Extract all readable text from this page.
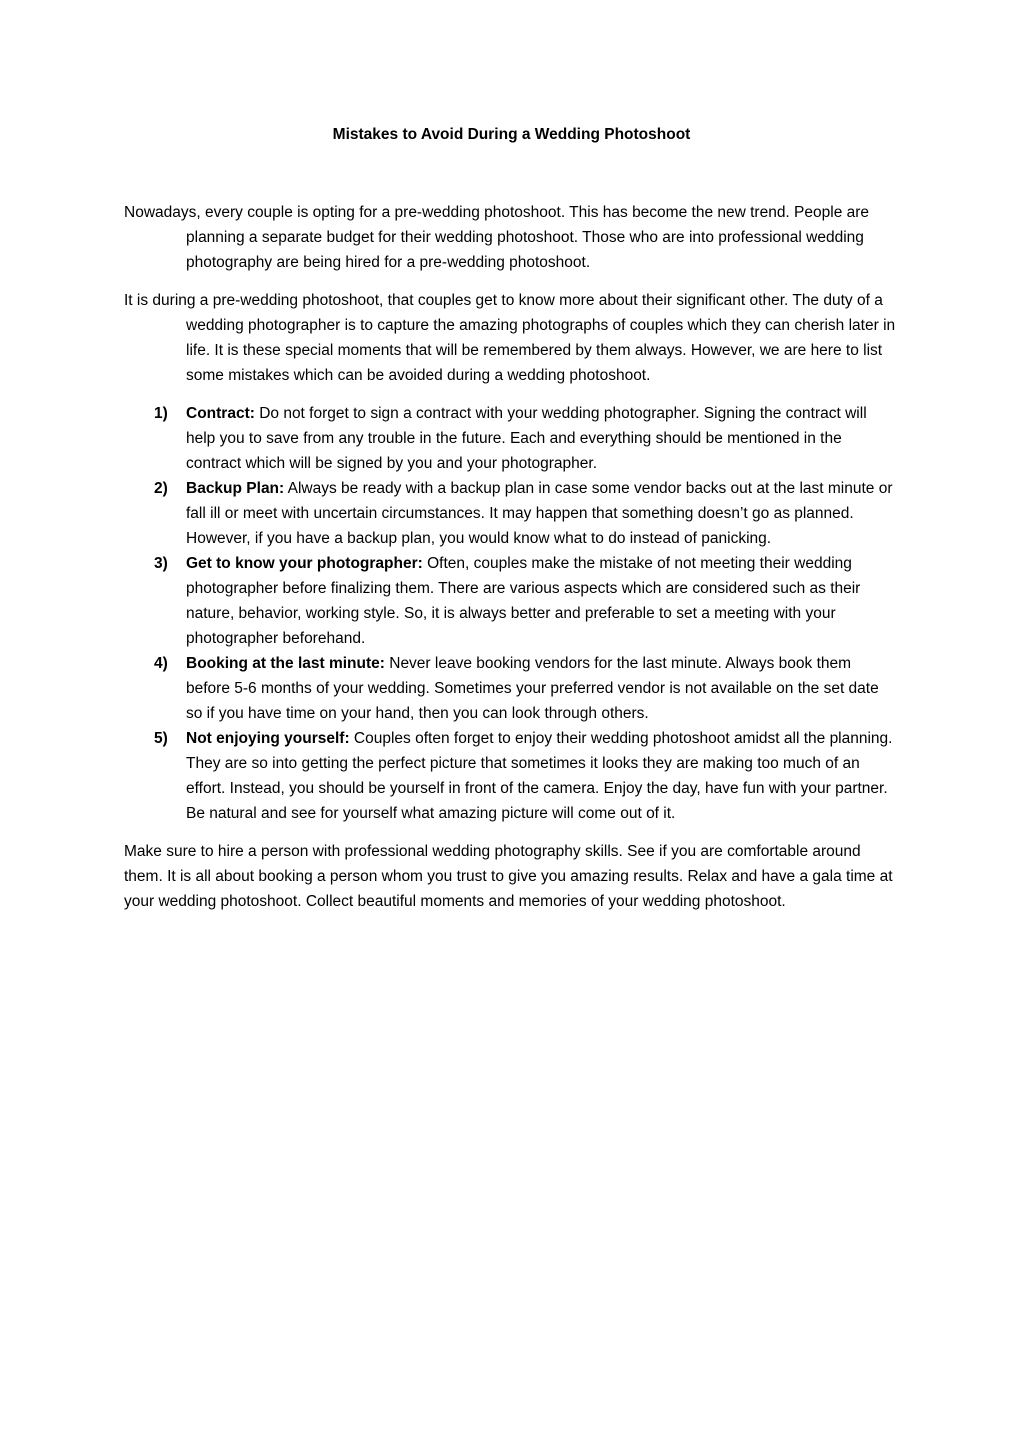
Mistakes to Avoid During a Wedding Photoshoot

Nowadays, every couple is opting for a pre-wedding photoshoot. This has become the new trend. People are planning a separate budget for their wedding photoshoot. Those who are into professional wedding photography are being hired for a pre-wedding photoshoot.

It is during a pre-wedding photoshoot, that couples get to know more about their significant other. The duty of a wedding photographer is to capture the amazing photographs of couples which they can cherish later in life. It is these special moments that will be remembered by them always. However, we are here to list some mistakes which can be avoided during a wedding photoshoot.

1) Contract: Do not forget to sign a contract with your wedding photographer. Signing the contract will help you to save from any trouble in the future. Each and everything should be mentioned in the contract which will be signed by you and your photographer.
2) Backup Plan: Always be ready with a backup plan in case some vendor backs out at the last minute or fall ill or meet with uncertain circumstances. It may happen that something doesn’t go as planned. However, if you have a backup plan, you would know what to do instead of panicking.
3) Get to know your photographer: Often, couples make the mistake of not meeting their wedding photographer before finalizing them. There are various aspects which are considered such as their nature, behavior, working style. So, it is always better and preferable to set a meeting with your photographer beforehand.
4) Booking at the last minute: Never leave booking vendors for the last minute. Always book them before 5-6 months of your wedding. Sometimes your preferred vendor is not available on the set date so if you have time on your hand, then you can look through others.
5) Not enjoying yourself: Couples often forget to enjoy their wedding photoshoot amidst all the planning. They are so into getting the perfect picture that sometimes it looks they are making too much of an effort. Instead, you should be yourself in front of the camera. Enjoy the day, have fun with your partner. Be natural and see for yourself what amazing picture will come out of it.

Make sure to hire a person with professional wedding photography skills. See if you are comfortable around them. It is all about booking a person whom you trust to give you amazing results. Relax and have a gala time at your wedding photoshoot. Collect beautiful moments and memories of your wedding photoshoot.
